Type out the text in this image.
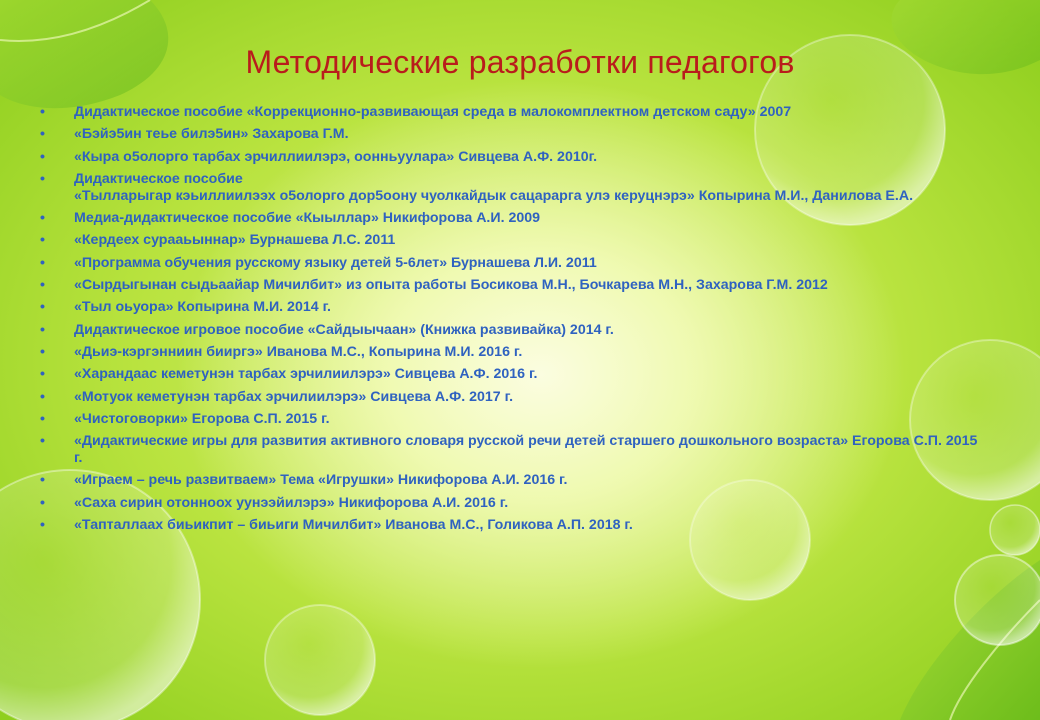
Методические разработки педагогов
• Дидактическое пособие «Коррекционно-развивающая среда в малокомплектном детском саду» 2007
• «Бэйэ5ин теье билэ5ин» Захарова Г.М.
• «Кыра о5олорго тарбах эрчиллиилэрэ, оонньуулара» Сивцева А.Ф. 2010г.
• Дидактическое пособие
«Тылларыгар кэьиллиилээх о5олорго дор5оону чуолкайдык сацарарга улэ керуцнэрэ» Копырина М.И., Данилова Е.А.
• Медиа-дидактическое пособие «Кыыллар» Никифорова А.И. 2009
• «Кердеех сурааьыннар» Бурнашева Л.С. 2011
• «Программа обучения русскому языку детей 5-6лет» Бурнашева Л.И. 2011
• «Сырдыгынан сыдьаайар Мичилбит» из опыта работы Босикова М.Н., Бочкарева М.Н., Захарова Г.М. 2012
• «Тыл оьуора» Копырина М.И. 2014 г.
• Дидактическое игровое пособие «Сайдыычаан» (Книжка развивайка) 2014 г.
• «Дьиэ-кэргэнниин бииргэ» Иванова М.С., Копырина М.И. 2016 г.
• «Харандаас кеметунэн тарбах эрчилиилэрэ» Сивцева А.Ф. 2016 г.
• «Мотуок кеметунэн тарбах эрчилиилэрэ» Сивцева А.Ф. 2017 г.
• «Чистоговорки» Егорова С.П. 2015 г.
• «Дидактические игры для развития активного словаря русской речи детей старшего дошкольного возраста» Егорова С.П. 2015 г.
• «Играем – речь развитваем» Тема «Игрушки» Никифорова А.И. 2016 г.
• «Саха сирин отонноох уунээйилэрэ» Никифорова А.И. 2016 г.
• «Тапталлаах биьикпит – биьиги Мичилбит» Иванова М.С., Голикова А.П. 2018 г.
